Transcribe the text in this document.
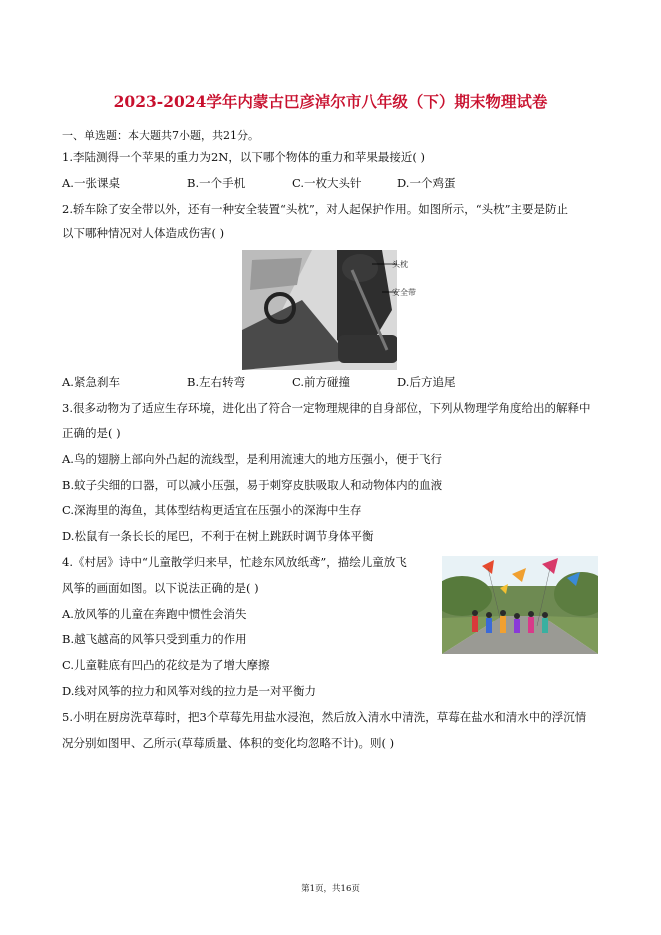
2023-2024学年内蒙古巴彦淖尔市八年级（下）期末物理试卷
一、单选题：本大题共7小题，共21分。
1.李陆测得一个苹果的重力为2N，以下哪个物体的重力和苹果最接近( )
A.一张课桌	B.一个手机	C.一枚大头针	D.一个鸡蛋
2.轿车除了安全带以外，还有一种安全装置“头枕”，对人起保护作用。如图所示，“头枕”主要是防止
以下哪种情况对人体造成伤害( )
头枕
安全带
A.紧急刹车	B.左右转弯	C.前方碰撞	D.后方追尾
3.很多动物为了适应生存环境，进化出了符合一定物理规律的自身部位，下列从物理学角度给出的解释中
正确的是( )
A.鸟的翅膀上部向外凸起的流线型，是利用流速大的地方压强小，便于飞行
B.蚊子尖细的口器，可以减小压强，易于刺穿皮肤吸取人和动物体内的血液
C.深海里的海鱼，其体型结构更适宜在压强小的深海中生存
D.松鼠有一条长长的尾巴，不利于在树上跳跃时调节身体平衡
4.《村居》诗中“儿童散学归来早，忙趁东风放纸鸢”，描绘儿童放飞
风筝的画面如图。以下说法正确的是( )
A.放风筝的儿童在奔跑中惯性会消失
B.越飞越高的风筝只受到重力的作用
C.儿童鞋底有凹凸的花纹是为了增大摩擦
D.线对风筝的拉力和风筝对线的拉力是一对平衡力
5.小明在厨房洗草莓时，把3个草莓先用盐水浸泡，然后放入清水中清洗，草莓在盐水和清水中的浮沉情
况分别如图甲、乙所示(草莓质量、体积的变化均忽略不计)。则( )
第1页，共16页
